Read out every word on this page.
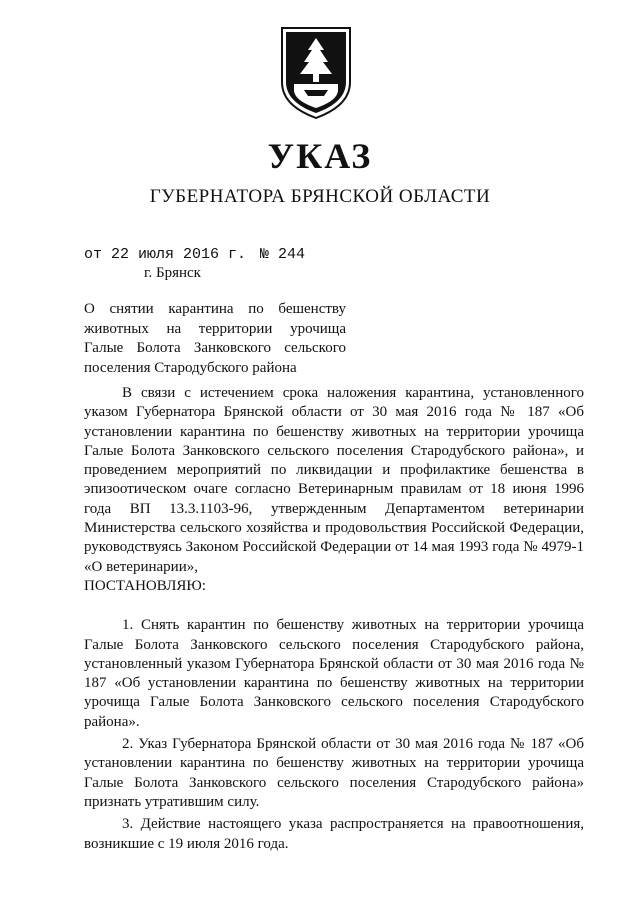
УКАЗ
ГУБЕРНАТОРА БРЯНСКОЙ ОБЛАСТИ
от 22 июля 2016 г. № 244
г. Брянск
О снятии карантина по бешенству животных на территории урочища Галые Болота Занковского сельского поселения Стародубского района

В связи с истечением срока наложения карантина, установленного указом Губернатора Брянской области от 30 мая 2016 года № 187 «Об установлении карантина по бешенству животных на территории урочища Галые Болота Занковского сельского поселения Стародубского района», и проведением мероприятий по ликвидации и профилактике бешенства в эпизоотическом очаге согласно Ветеринарным правилам от 18 июня 1996 года ВП 13.3.1103-96, утвержденным Департаментом ветеринарии Министерства сельского хозяйства и продовольствия Российской Федерации, руководствуясь Законом Российской Федерации от 14 мая 1993 года № 4979-1 «О ветеринарии»,

ПОСТАНОВЛЯЮ:

1. Снять карантин по бешенству животных на территории урочища Галые Болота Занковского сельского поселения Стародубского района, установленный указом Губернатора Брянской области от 30 мая 2016 года № 187 «Об установлении карантина по бешенству животных на территории урочища Галые Болота Занковского сельского поселения Стародубского района».

2. Указ Губернатора Брянской области от 30 мая 2016 года № 187 «Об установлении карантина по бешенству животных на территории урочища Галые Болота Занковского сельского поселения Стародубского района» признать утратившим силу.

3. Действие настоящего указа распространяется на правоотношения, возникшие с 19 июля 2016 года.
